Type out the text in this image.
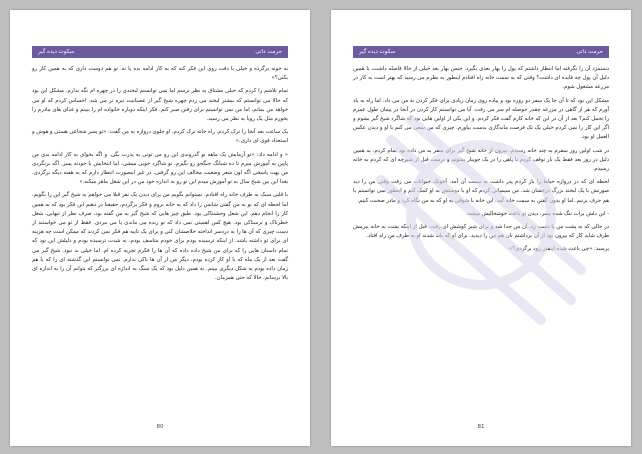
حرمت داتی
سکوت دیده گیر

به خونه برگرده و خیلی با دقت روی این فکر کنه که به کار ادامه بده یا نه. تو هم دوست داری که به همین کار رو بکنی؟»

تمام تلاشم را کردم که خیلی مشتاق به نظر نرسم اما نمی توانستم لبخندی را در چهره ام نگه ندارم. مشکل این بود که حالا می توانستم که بیشتر لبخند می زدم چهره شیخ گیر از عصبانیت تیره تر می شد. احساس کردم که او می خواهد من بمانم، اما من نمی توانستم برای رفتن صبر کنم. فکر اینکه دوباره خانواده ام را ببینم و غذای های مادرم را بخورم مثل یک رویا به نظر می رسید.

یک ساعت بعد آنجا را ترک کردم. راه خانه ترک کردم. او جلوی دروازه به من گفت: «تو پسر شجاعی هستی و هوش و استعداد قوی ای داری.»

« و ادامه داد: «تو آزمایش یک ماهه تو گذروندی این رو می تونی به پدرت بگی. و اگه بخوای به کار ادامه بدی من پایین به آموزش میرم تا ده شبانگ جنگجو رو بگیرم. تو شاگرد خوبی میشی، اما انتخابش با خودته پسر. اگه برنگردی من بهت پاسخی اگه اون شعر وضعیت مخالف این رو گرفتی. در غیر اینصورت انتظار دارم که به هفته دیگه برگردی. بعدا این بین شبح سال به تو آموزش میدم این تو رو به اندازه خود من در این شغل ماهر میکنه.»

با قلبی سبک به طرف خانه راه افتادم. نمیتوانم بگویم من برای دیدن یک نفر قبلا می خواهم به شیخ گیر این را بگویم. اما لحظه ای که نو به من گفتی شانس را داد که به خانه بروم و فکر برگردم، حقیقتا در ذهنم این فکر بود که به همین کار را انجام دهم. این شغل وحشتناکی بود. طبق چیز هایی که شیخ گیر به من گفته بود، صرف نظر از تنهایی، شغل خطرناک و ترسناکی بود. هیچ کس اهمیتی نمی داد که تو زنده می ماندی یا می مردی. فقط از تو می خواستند از دست چیزی که آن ها را به دردسر انداخته خلاصشان کنی و برای یک تابیه هم فکر نمی کردند که ممکن است چه هزینه ای برای تو داشته باشد. از اینکه ترسیده بودم برای خودم متاسف بودم. به شدت ترسیده بودم و دلیلش این بود که تمام داستان هایی را که برای من شیخ داده داده که آن ها را فکرم تجزیه کرده ام. اما خیلی بد نبود. شیخ گیر می گفت بعد از یک ماه که با او کار کرده بودم، دیگر من از آن ها باکی ندارم. نمی توانستم این گذشته ای را که با هم زمان داده بودم به شکل دیگری ببینم. به همین دلیل بود که یک سنگ به اندازه ای بزرگتر که بتوانم آن را به اندازه ای بالا برسانم، حالا که حتی همزمان.

80
حرمت داتی
سکوت دیده گیر

دستمزد آن را نگرفته اما انتظار داشتم که پول را بهار بعدی بگیرد. جنس بهار بعد خیلی از حالا فاصله داشت، با همین دلیل آن پول چه فایده ای داشت؟ وقتی که به سمت خانه راه افتادم اینطور به نظرم می رسید که بهتر است به کار در مزرعه مشغول شوم.

مشکل این بود که تا آن جا یک سفر دو روزه بود و پیاده روی زمان زیادی برای فکر کردن به من می داد. اما راه به یاد آورم که هر از گاهی در مزرعه چقدر حوصله ام سر می رفت. آیا می توانستم کار کردن در آنجا در پیمان طول عمرم را تحمل کنم؟ بعد از آن در این که خانه کارم گفت فکر کردم. و این یکی از اولین هایی بود که شاگرد شیخ گیر بشوم و اگر این کار را نمی کردم خیلی یک تک فرصت ماندگاری بدست بیاورم. چیزی که من سعی می کنم با او و دیدن عکس العمل او بود.

در شب اولین روز سفرم به چند خانه رسیدم. بیرون از خانه شیخ گیر برای سفر به من داده بود تمام کردم. به همین دلیل در روز بعد فقط یک بار توقف کردم تا پاهی را در یک جویبار بشویم و درست قبل از شیرجه ای که کردم به خانه رسیدم.

لحظه ای که در دروازه حیاط را باز کردم پدر داشت به سمت آن آمد. آخونک حیوانات می رفت وقتی من را دید صورتش با یک لبخند بزرگ درخشان شد. من سیمپاتی کردم که او با دوستش به او کمک کنم و اینطور نمی توانستم با هم حرف بزنیم. اما او بدون گفتن به سمت خانه آمد. این خانه با شوقی به او که به من نگاه کرد و مادر صحبت کنیم.

- این دلش برات تنگ شده پسر. دیدن تو باعث خوشحالیش میشه.

در حالی که به پشت من با دست زد، آن من جدا شد و برای شیر کوشش ای رفت. قبل از اینکه پشت به خانه ببرمش طرف شاید کار که بیرون بود از آن برداشتم نان هم من را دیدید. برای او که بلند شدند او به طرف من راه افتاد.

پرسید: «چی باعث شده اینقدر زود برگردی؟»

81
